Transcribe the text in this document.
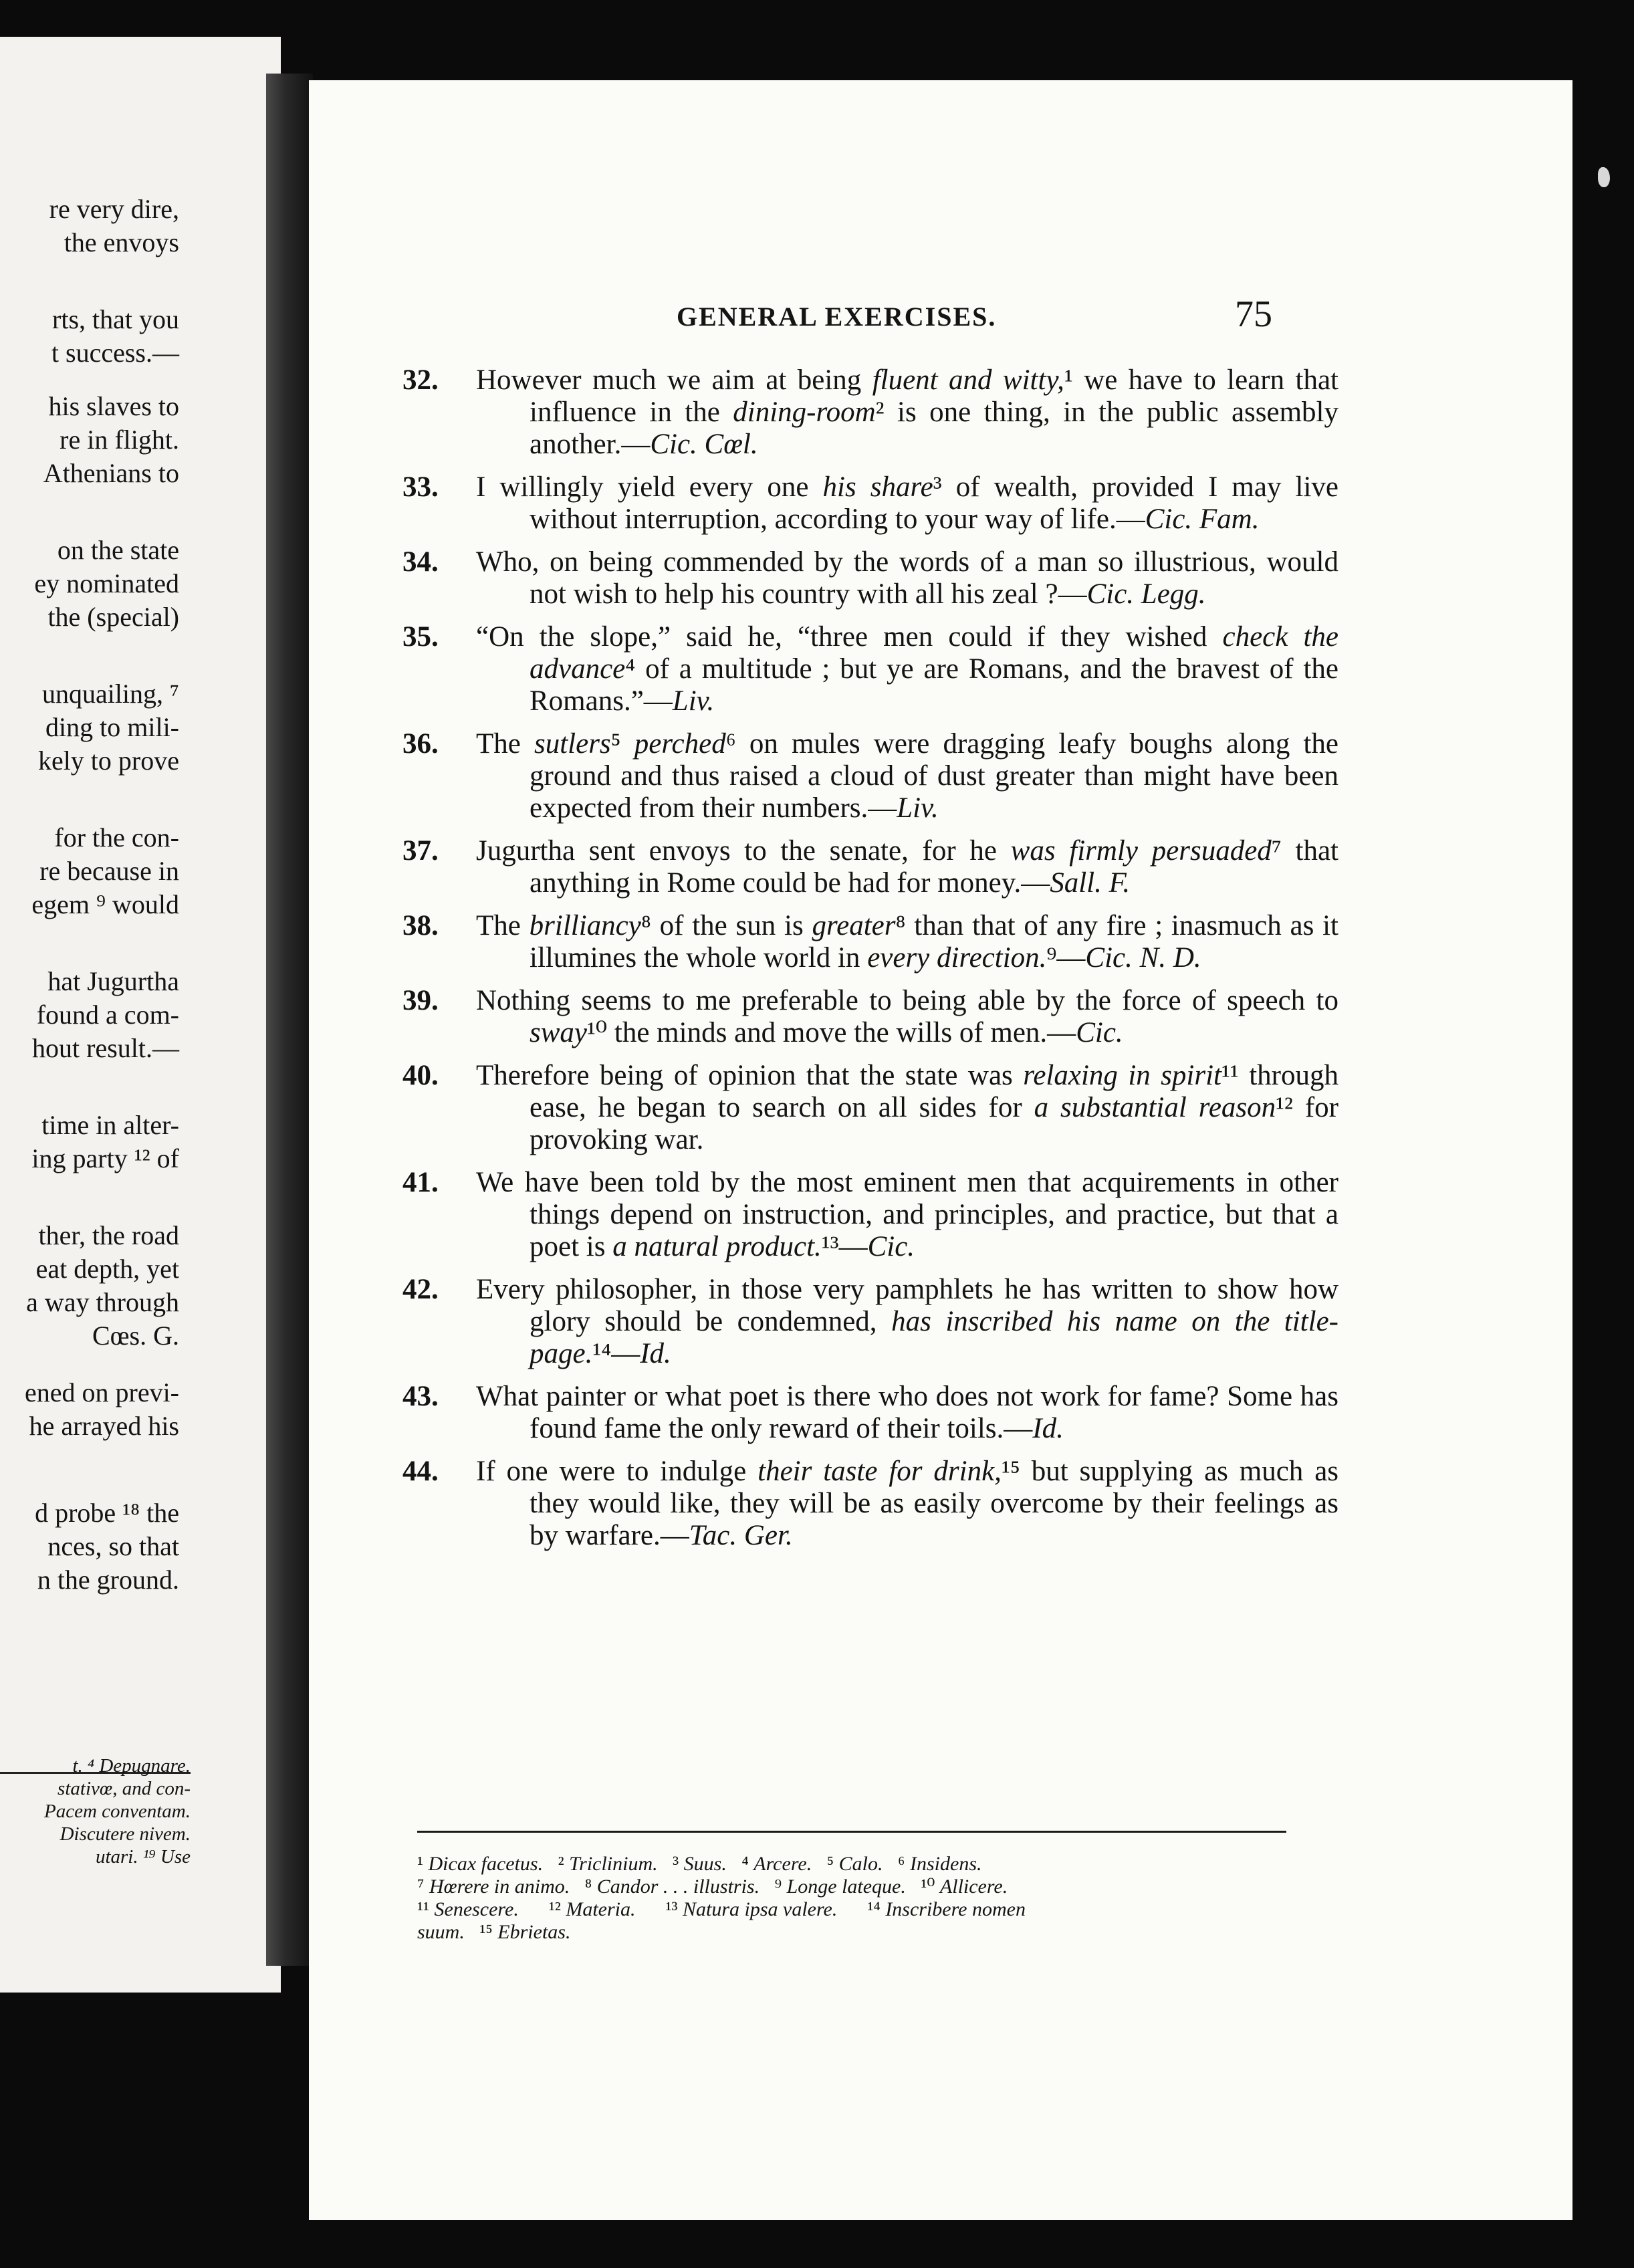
re very dire,
the envoys
rts, that you
t success.—
his slaves to
re in flight.
Athenians to
on the state
ey nominated
the (special)
unquailing, ⁷
ding to mili-
kely to prove
for the con-
re because in
egem ⁹ would
hat Jugurtha
found a com-
hout result.—
time in alter-
ing party ¹² of
ther, the road
eat depth, yet
a way through
Cœs. G.
ened on previ-
he arrayed his
d probe ¹⁸ the
nces, so that
n the ground.
t. ⁴ Depugnare.
stativœ, and con-
Pacem conventam.
Discutere nivem.
utari. ¹⁹ Use
GENERAL EXERCISES.	75
32.	However much we aim at being fluent and witty,¹ we have to learn that influence in the dining-room² is one thing, in the public assembly another.—Cic. Cœl.
33.	I willingly yield every one his share³ of wealth, provided I may live without interruption, according to your way of life.—Cic. Fam.
34.	Who, on being commended by the words of a man so illustrious, would not wish to help his country with all his zeal ?—Cic. Legg.
35.	“On the slope,” said he, “three men could if they wished check the advance⁴ of a multitude ; but ye are Romans, and the bravest of the Romans.”—Liv.
36.	The sutlers⁵ perched⁶ on mules were dragging leafy boughs along the ground and thus raised a cloud of dust greater than might have been expected from their numbers.—Liv.
37.	Jugurtha sent envoys to the senate, for he was firmly persuaded⁷ that anything in Rome could be had for money.—Sall. F.
38.	The brilliancy⁸ of the sun is greater⁸ than that of any fire ; inasmuch as it illumines the whole world in every direction.⁹—Cic. N. D.
39.	Nothing seems to me preferable to being able by the force of speech to sway¹⁰ the minds and move the wills of men.—Cic.
40.	Therefore being of opinion that the state was relaxing in spirit¹¹ through ease, he began to search on all sides for a substantial reason¹² for provoking war.
41.	We have been told by the most eminent men that acquirements in other things depend on instruction, and principles, and practice, but that a poet is a natural product.¹³—Cic.
42.	Every philosopher, in those very pamphlets he has written to show how glory should be condemned, has inscribed his name on the title-page.¹⁴—Id.
43.	What painter or what poet is there who does not work for fame? Some has found fame the only reward of their toils.—Id.
44.	If one were to indulge their taste for drink,¹⁵ but supplying as much as they would like, they will be as easily overcome by their feelings as by warfare.—Tac. Ger.
¹ Dicax facetus.   ² Triclinium.   ³ Suus.   ⁴ Arcere.   ⁵ Calo.   ⁶ Insidens.
⁷ Hœrere in animo.   ⁸ Candor . . . illustris.   ⁹ Longe lateque.   ¹⁰ Allicere.
¹¹ Senescere.      ¹² Materia.      ¹³ Natura ipsa valere.      ¹⁴ Inscribere nomen
suum.   ¹⁵ Ebrietas.
